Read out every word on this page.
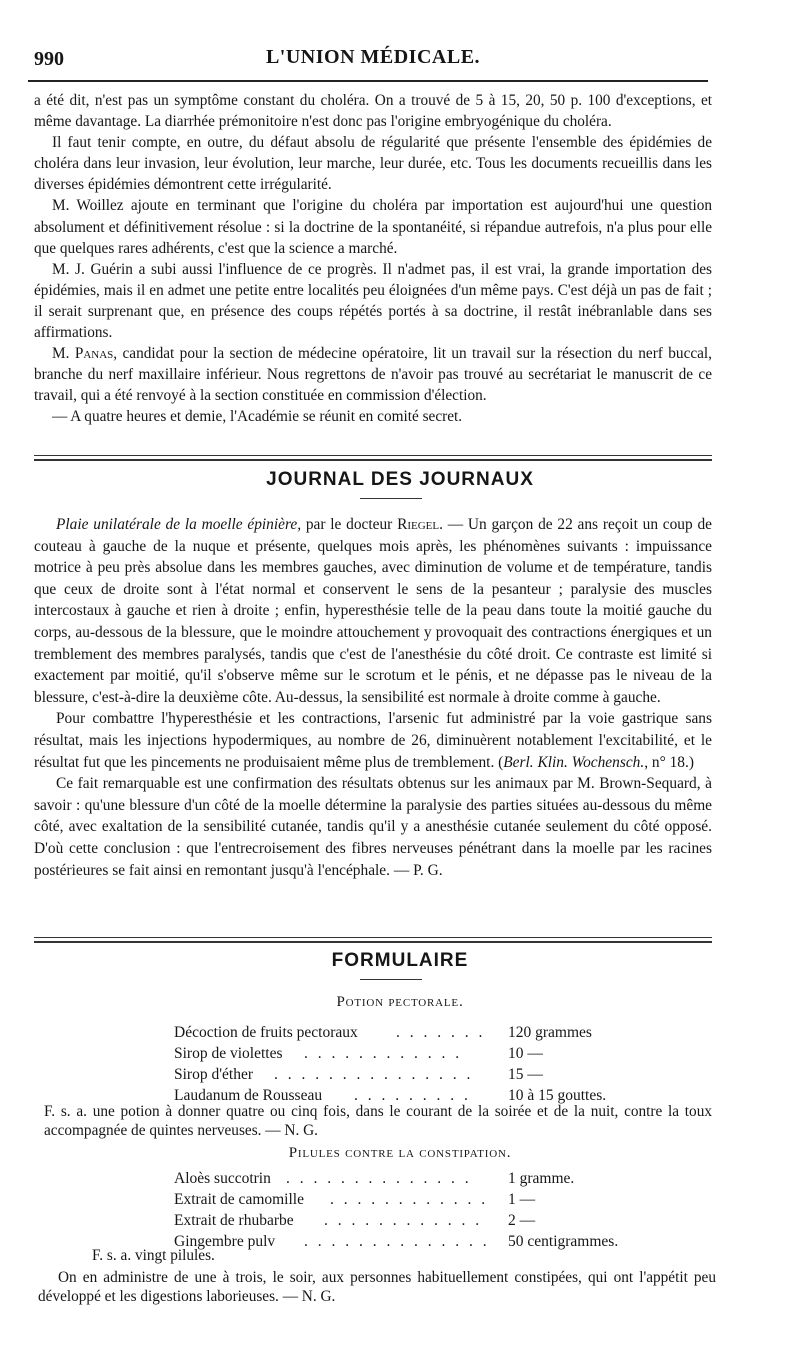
990	L'UNION MÉDICALE.

a été dit, n'est pas un symptôme constant du choléra. On a trouvé de 5 à 15, 20, 50 p. 100 d'exceptions, et même davantage. La diarrhée prémonitoire n'est donc pas l'origine embryogénique du choléra.

Il faut tenir compte, en outre, du défaut absolu de régularité que présente l'ensemble des épidémies de choléra dans leur invasion, leur évolution, leur marche, leur durée, etc. Tous les documents recueillis dans les diverses épidémies démontrent cette irrégularité.

M. Woillez ajoute en terminant que l'origine du choléra par importation est aujourd'hui une question absolument et définitivement résolue : si la doctrine de la spontanéité, si répandue autrefois, n'a plus pour elle que quelques rares adhérents, c'est que la science a marché.

M. J. Guérin a subi aussi l'influence de ce progrès. Il n'admet pas, il est vrai, la grande importation des épidémies, mais il en admet une petite entre localités peu éloignées d'un même pays. C'est déjà un pas de fait ; il serait surprenant que, en présence des coups répétés portés à sa doctrine, il restât inébranlable dans ses affirmations.

M. Panas, candidat pour la section de médecine opératoire, lit un travail sur la résection du nerf buccal, branche du nerf maxillaire inférieur. Nous regrettons de n'avoir pas trouvé au secrétariat le manuscrit de ce travail, qui a été renvoyé à la section constituée en commission d'élection.

— A quatre heures et demie, l'Académie se réunit en comité secret.

JOURNAL DES JOURNAUX

Plaie unilatérale de la moelle épinière, par le docteur Riegel. — Un garçon de 22 ans reçoit un coup de couteau à gauche de la nuque et présente, quelques mois après, les phénomènes suivants : impuissance motrice à peu près absolue dans les membres gauches, avec diminution de volume et de température, tandis que ceux de droite sont à l'état normal et conservent le sens de la pesanteur ; paralysie des muscles intercostaux à gauche et rien à droite ; enfin, hyperesthésie telle de la peau dans toute la moitié gauche du corps, au-dessous de la blessure, que le moindre attouchement y provoquait des contractions énergiques et un tremblement des membres paralysés, tandis que c'est de l'anesthésie du côté droit. Ce contraste est limité si exactement par moitié, qu'il s'observe même sur le scrotum et le pénis, et ne dépasse pas le niveau de la blessure, c'est-à-dire la deuxième côte. Au-dessus, la sensibilité est normale à droite comme à gauche.

Pour combattre l'hyperesthésie et les contractions, l'arsenic fut administré par la voie gastrique sans résultat, mais les injections hypodermiques, au nombre de 26, diminuèrent notablement l'excitabilité, et le résultat fut que les pincements ne produisaient même plus de tremblement. (Berl. Klin. Wochensch., n° 18.)

Ce fait remarquable est une confirmation des résultats obtenus sur les animaux par M. Brown-Sequard, à savoir : qu'une blessure d'un côté de la moelle détermine la paralysie des parties situées au-dessous du même côté, avec exaltation de la sensibilité cutanée, tandis qu'il y a anesthésie cutanée seulement du côté opposé. D'où cette conclusion : que l'entrecroisement des fibres nerveuses pénétrant dans la moelle par les racines postérieures se fait ainsi en remontant jusqu'à l'encéphale. — P. G.

FORMULAIRE
Potion pectorale.
Décoction de fruits pectoraux . . . . . . . 120 grammes
Sirop de violettes . . . . . . . . . . . .	10 —
Sirop d'éther . . . . . . . . . . . . . . . 15 —
Laudanum de Rousseau . . . . . . . . . 10 à 15 gouttes.

F. s. a. une potion à donner quatre ou cinq fois, dans le courant de la soirée et de la nuit, contre la toux accompagnée de quintes nerveuses. — N. G.

Pilules contre la constipation.
Aloès succotrin . . . . . . . . . . . . . . 1 gramme.
Extrait de camomille . . . . . . . . . . . . 1 —
Extrait de rhubarbe . . . . . . . . . . . . 2 —
Gingembre pulv . . . . . . . . . . . . . . 50 centigrammes.

F. s. a. vingt pilules.

On en administre de une à trois, le soir, aux personnes habituellement constipées, qui ont l'appétit peu développé et les digestions laborieuses. — N. G.
